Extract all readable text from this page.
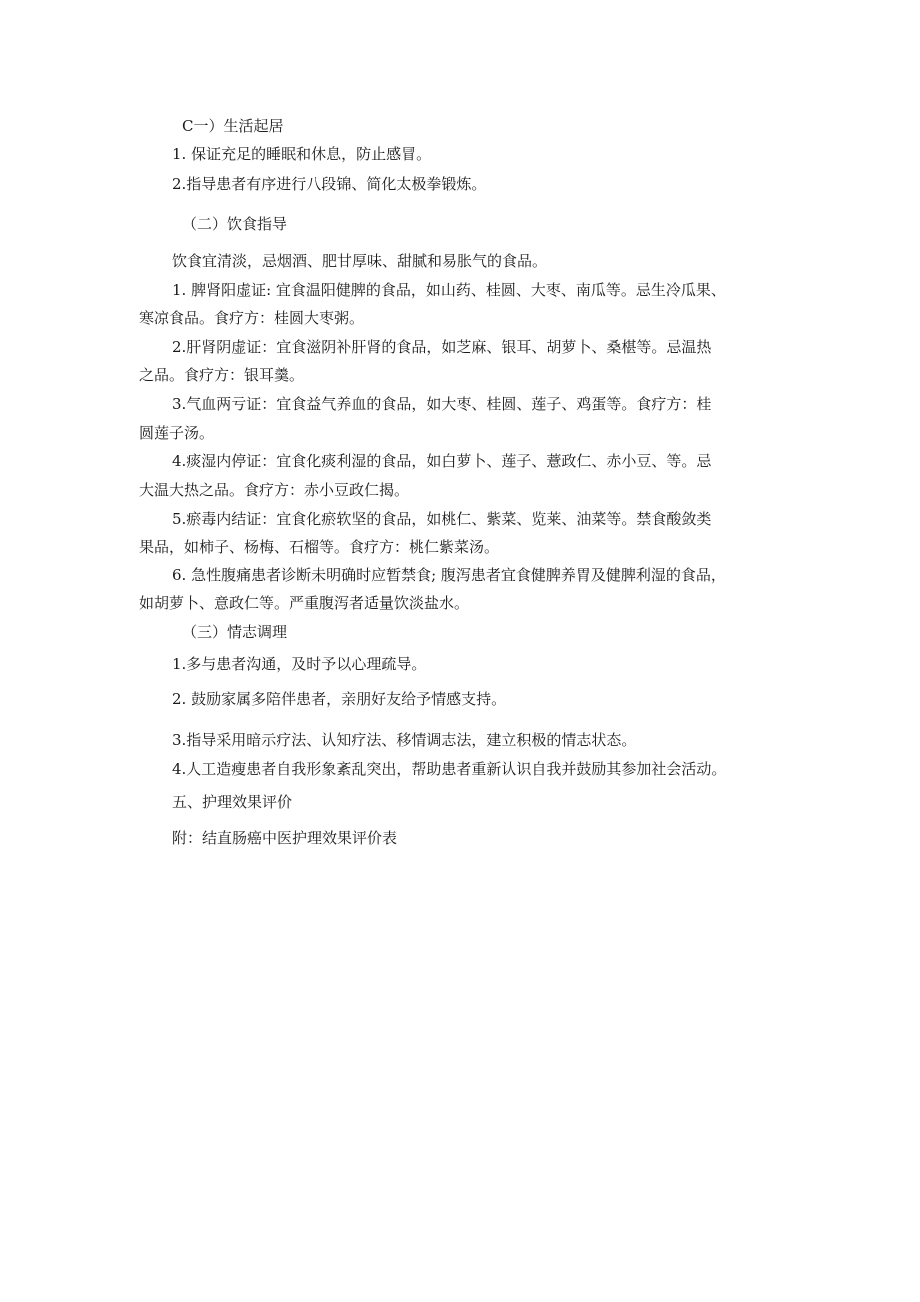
C一）生活起居
1. 保证充足的睡眠和休息，防止感冒。
2.指导患者有序进行八段锦、简化太极拳锻炼。
（二）饮食指导
饮食宜清淡，忌烟酒、肥甘厚味、甜腻和易胀气的食品。
1. 脾肾阳虚证: 宜食温阳健脾的食品，如山药、桂圆、大枣、南瓜等。忌生冷瓜果、
寒凉食品。食疗方：桂圆大枣粥。
2.肝肾阴虚证：宜食滋阴补肝肾的食品，如芝麻、银耳、胡萝卜、桑椹等。忌温热
之品。食疗方：银耳羹。
3.气血两亏证：宜食益气养血的食品，如大枣、桂圆、莲子、鸡蛋等。食疗方：桂
圆莲子汤。
4.痰湿内停证：宜食化痰利湿的食品，如白萝卜、莲子、薏政仁、赤小豆、等。忌
大温大热之品。食疗方：赤小豆政仁揭。
5.瘀毒内结证：宜食化瘀软坚的食品，如桃仁、紫菜、览莱、油菜等。禁食酸敛类
果品，如柿子、杨梅、石榴等。食疗方：桃仁紫菜汤。
6. 急性腹痛患者诊断未明确时应暂禁食; 腹泻患者宜食健脾养胃及健脾利湿的食品，
如胡萝卜、意政仁等。严重腹泻者适量饮淡盐水。
（三）情志调理
1.多与患者沟通，及时予以心理疏导。
2. 鼓励家属多陪伴患者，亲朋好友给予情感支持。
3.指导采用暗示疗法、认知疗法、移情调志法，建立积极的情志状态。
4.人工造瘦患者自我形象紊乱突出，帮助患者重新认识自我并鼓励其参加社会活动。
五、护理效果评价
附：结直肠癌中医护理效果评价表
